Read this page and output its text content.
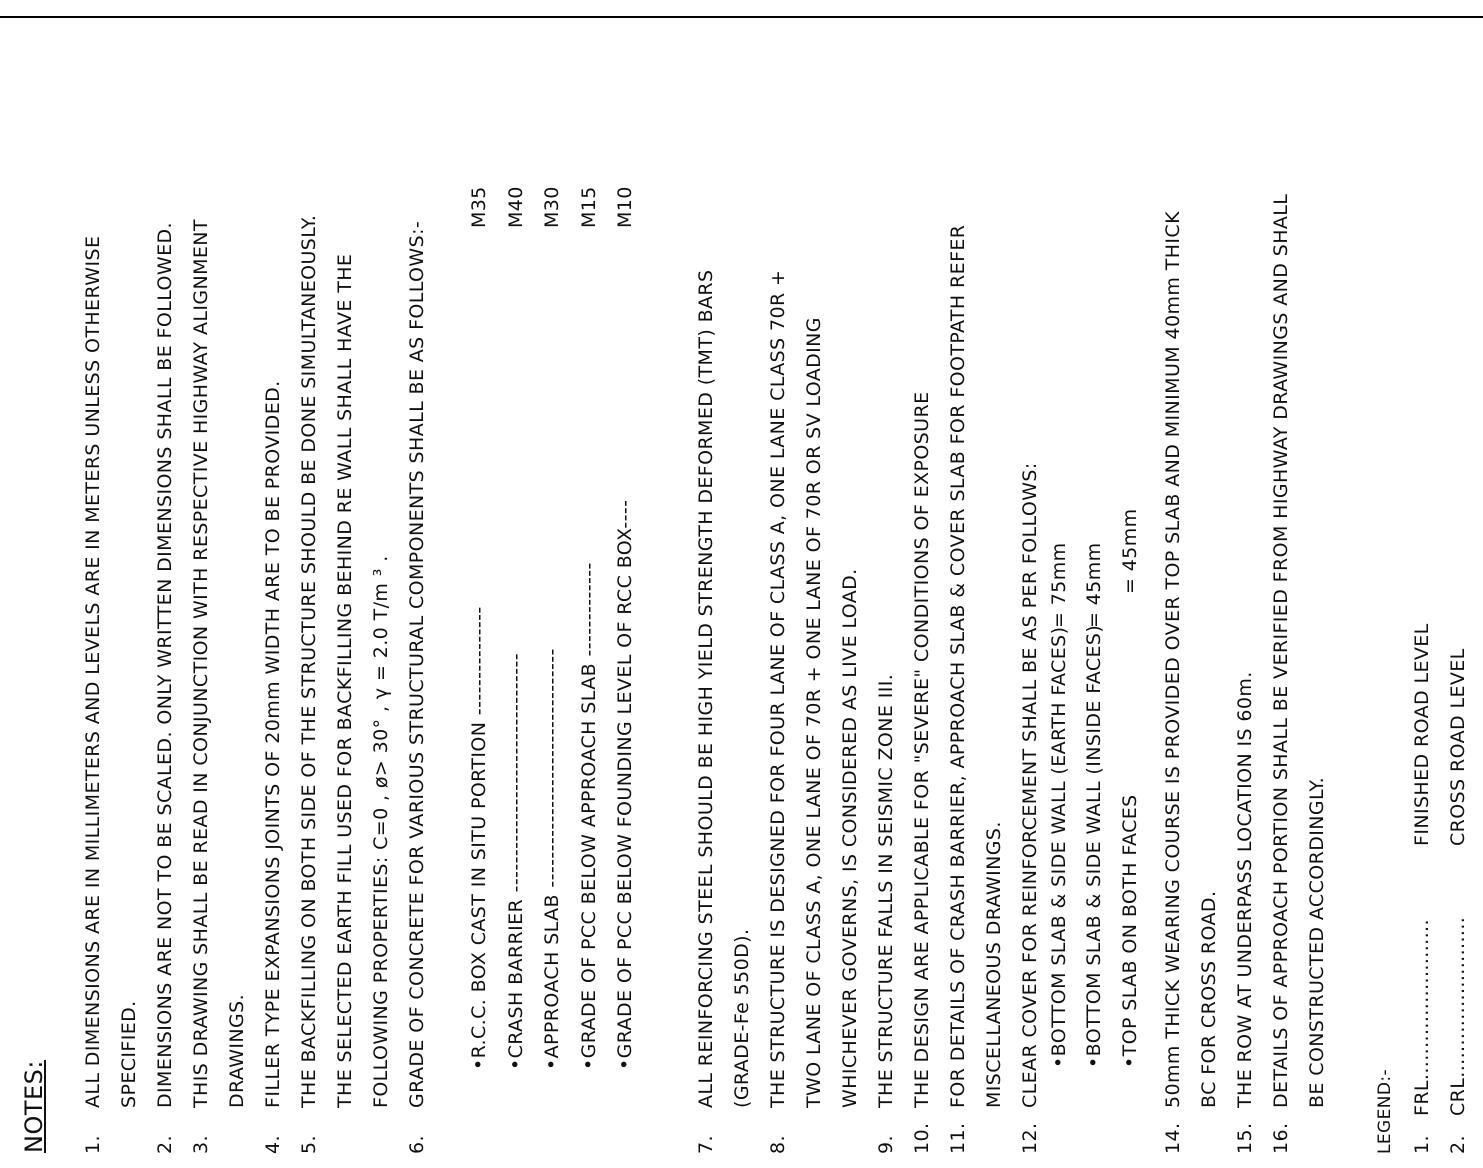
NOTES:	1.
ALL DIMENSIONS ARE IN MILLIMETERS AND LEVELS ARE IN METERS UNLESS OTHERWISE SPECIFIED.
2.
DIMENSIONS ARE NOT TO BE SCALED. ONLY WRITTEN DIMENSIONS SHALL BE FOLLOWED.
3.
THIS DRAWING SHALL BE READ IN CONJUNCTION WITH RESPECTIVE HIGHWAY ALIGNMENT DRAWINGS.
4.
FILLER TYPE EXPANSIONS JOINTS OF 20mm WIDTH ARE TO BE PROVIDED.
5.
THE BACKFILLING ON BOTH SIDE OF THE STRUCTURE SHOULD BE DONE SIMULTANEOUSLY. THE SELECTED EARTH FILL USED FOR BACKFILLING BEHIND RE WALL SHALL HAVE THE FOLLOWING PROPERTIES: C=0 , ø> 30° , γ = 2.0 T/m ³ .
6.
GRADE OF CONCRETE FOR VARIOUS STRUCTURAL COMPONENTS SHALL BE AS FOLLOWS:-	•R.C.C. BOX CAST IN SITU PORTION ---------------
M35
•CRASH BARRIER ---------------------------------
M40
•APPROACH SLAB ---------------------------------
M30
•GRADE OF PCC BELOW APPROACH SLAB -------------
M15
•GRADE OF PCC BELOW FOUNDING LEVEL OF RCC BOX----
M10
7.
ALL REINFORCING STEEL SHOULD BE HIGH YIELD STRENGTH DEFORMED (TMT) BARS (GRADE-Fe 550D).
8.
THE STRUCTURE IS DESIGNED FOR FOUR LANE OF CLASS A, ONE LANE CLASS 70R + TWO LANE OF CLASS A, ONE LANE OF 70R + ONE LANE OF 70R OR SV LOADING WHICHEVER GOVERNS, IS CONSIDERED AS LIVE LOAD.
9.
THE STRUCTURE FALLS IN SEISMIC ZONE III.
10.
THE DESIGN ARE APPLICABLE FOR "SEVERE" CONDITIONS OF EXPOSURE
11.
FOR DETAILS OF CRASH BARRIER, APPROACH SLAB & COVER SLAB FOR FOOTPATH REFER MISCELLANEOUS DRAWINGS.
12.
CLEAR COVER FOR REINFORCEMENT SHALL BE AS PER FOLLOWS: •BOTTOM SLAB & SIDE WALL (EARTH FACES)
= 75mm
•BOTTOM SLAB & SIDE WALL (INSIDE FACES)
= 45mm
•TOP SLAB ON BOTH FACES
= 45mm
14.
50mm THICK WEARING COURSE IS PROVIDED OVER TOP SLAB AND MINIMUM 40mm THICK BC FOR CROSS ROAD.
15.
THE ROW AT UNDERPASS LOCATION IS 60m.
16.
DETAILS OF APPROACH PORTION SHALL BE VERIFIED FROM HIGHWAY DRAWINGS AND SHALL BE CONSTRUCTED ACCORDINGLY.
LEGEND:- 1.
FRL.........................
FINISHED ROAD LEVEL
2.
CRL.........................
CROSS ROAD LEVEL
